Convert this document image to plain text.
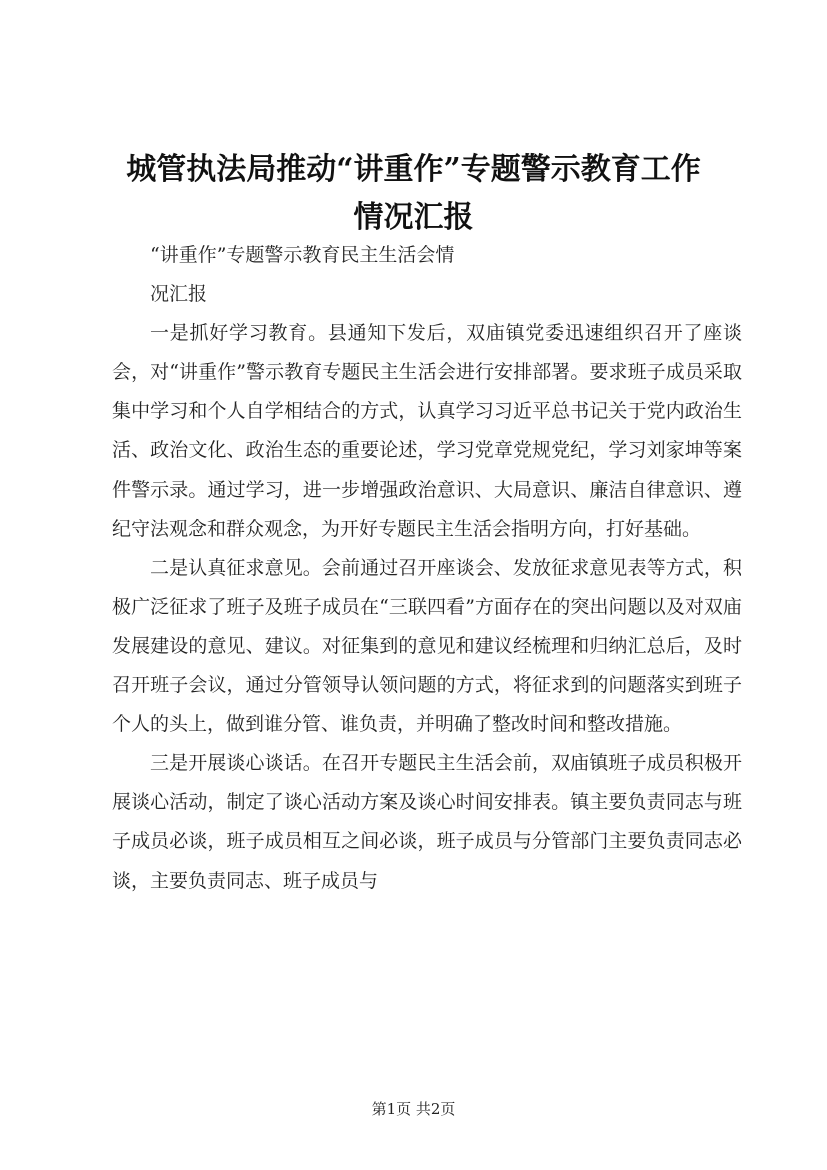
城管执法局推动“讲重作”专题警示教育工作
情况汇报

“讲重作”专题警示教育民主生活会情

况汇报

一是抓好学习教育。县通知下发后，双庙镇党委迅速组织召开了座谈会，对“讲重作”警示教育专题民主生活会进行安排部署。要求班子成员采取集中学习和个人自学相结合的方式，认真学习习近平总书记关于党内政治生活、政治文化、政治生态的重要论述，学习党章党规党纪，学习刘家坤等案件警示录。通过学习，进一步增强政治意识、大局意识、廉洁自律意识、遵纪守法观念和群众观念，为开好专题民主生活会指明方向，打好基础。

二是认真征求意见。会前通过召开座谈会、发放征求意见表等方式，积极广泛征求了班子及班子成员在“三联四看”方面存在的突出问题以及对双庙发展建设的意见、建议。对征集到的意见和建议经梳理和归纳汇总后，及时召开班子会议，通过分管领导认领问题的方式，将征求到的问题落实到班子个人的头上，做到谁分管、谁负责，并明确了整改时间和整改措施。

三是开展谈心谈话。在召开专题民主生活会前，双庙镇班子成员积极开展谈心活动，制定了谈心活动方案及谈心时间安排表。镇主要负责同志与班子成员必谈，班子成员相互之间必谈，班子成员与分管部门主要负责同志必谈，主要负责同志、班子成员与

第1页 共2页
